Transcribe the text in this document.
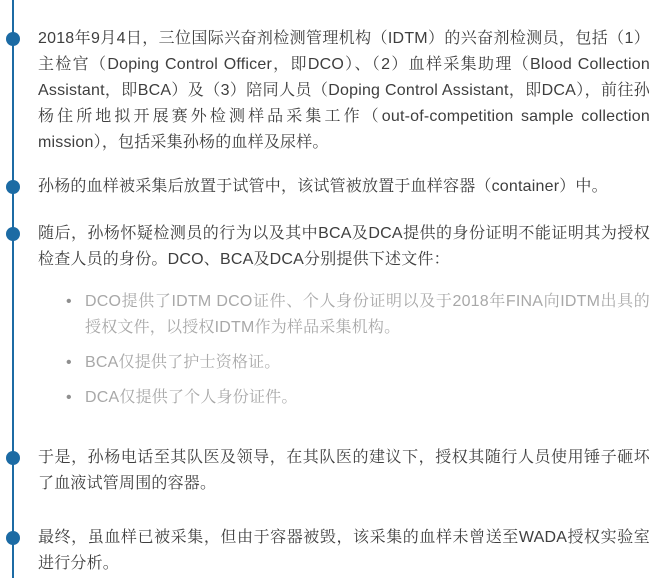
2018年9月4日，三位国际兴奋剂检测管理机构（IDTM）的兴奋剂检测员，包括（1）主检官（Doping Control Officer，即DCO）、（2）血样采集助理（Blood Collection Assistant，即BCA）及（3）陪同人员（Doping Control Assistant，即DCA），前往孙杨住所地拟开展赛外检测样品采集工作（out-of-competition sample collection mission），包括采集孙杨的血样及尿样。

孙杨的血样被采集后放置于试管中，该试管被放置于血样容器（container）中。

随后，孙杨怀疑检测员的行为以及其中BCA及DCA提供的身份证明不能证明其为授权检查人员的身份。DCO、BCA及DCA分别提供下述文件：

• DCO提供了IDTM DCO证件、个人身份证明以及于2018年FINA向IDTM出具的授权文件，以授权IDTM作为样品采集机构。
• BCA仅提供了护士资格证。
• DCA仅提供了个人身份证件。

于是，孙杨电话至其队医及领导，在其队医的建议下，授权其随行人员使用锤子砸坏了血液试管周围的容器。

最终，虽血样已被采集，但由于容器被毁，该采集的血样未曾送至WADA授权实验室进行分析。
